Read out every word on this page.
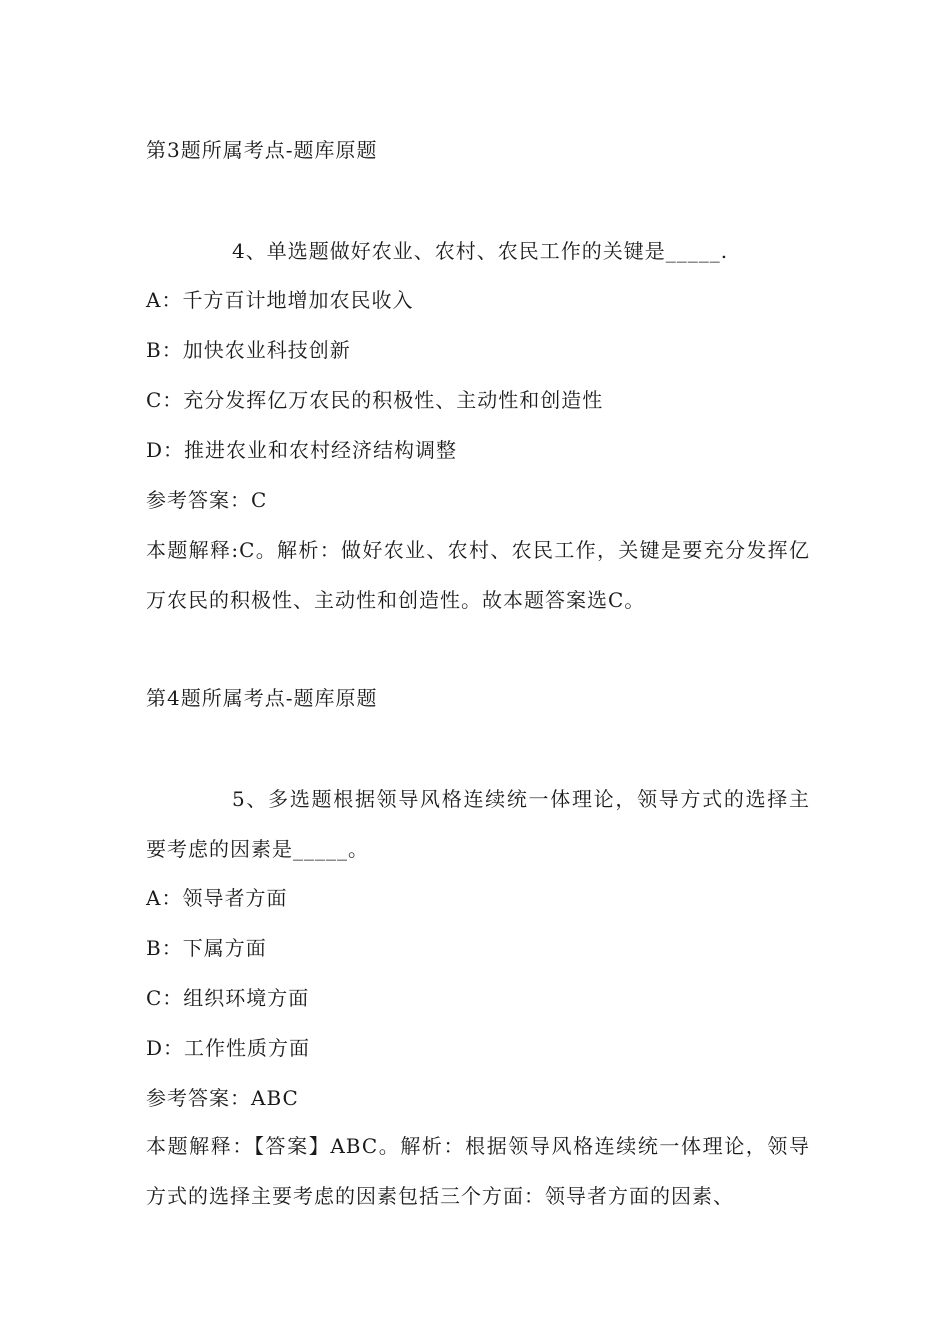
第3题所属考点-题库原题
4、单选题做好农业、农村、农民工作的关键是_____.
A：千方百计地增加农民收入
B：加快农业科技创新
C：充分发挥亿万农民的积极性、主动性和创造性
D：推进农业和农村经济结构调整
参考答案：C
本题解释:C。解析：做好农业、农村、农民工作，关键是要充分发挥亿万农民的积极性、主动性和创造性。故本题答案选C。
第4题所属考点-题库原题
5、多选题根据领导风格连续统一体理论，领导方式的选择主要考虑的因素是_____。
A：领导者方面
B：下属方面
C：组织环境方面
D：工作性质方面
参考答案：ABC
本题解释：【答案】ABC。解析：根据领导风格连续统一体理论，领导方式的选择主要考虑的因素包括三个方面：领导者方面的因素、
